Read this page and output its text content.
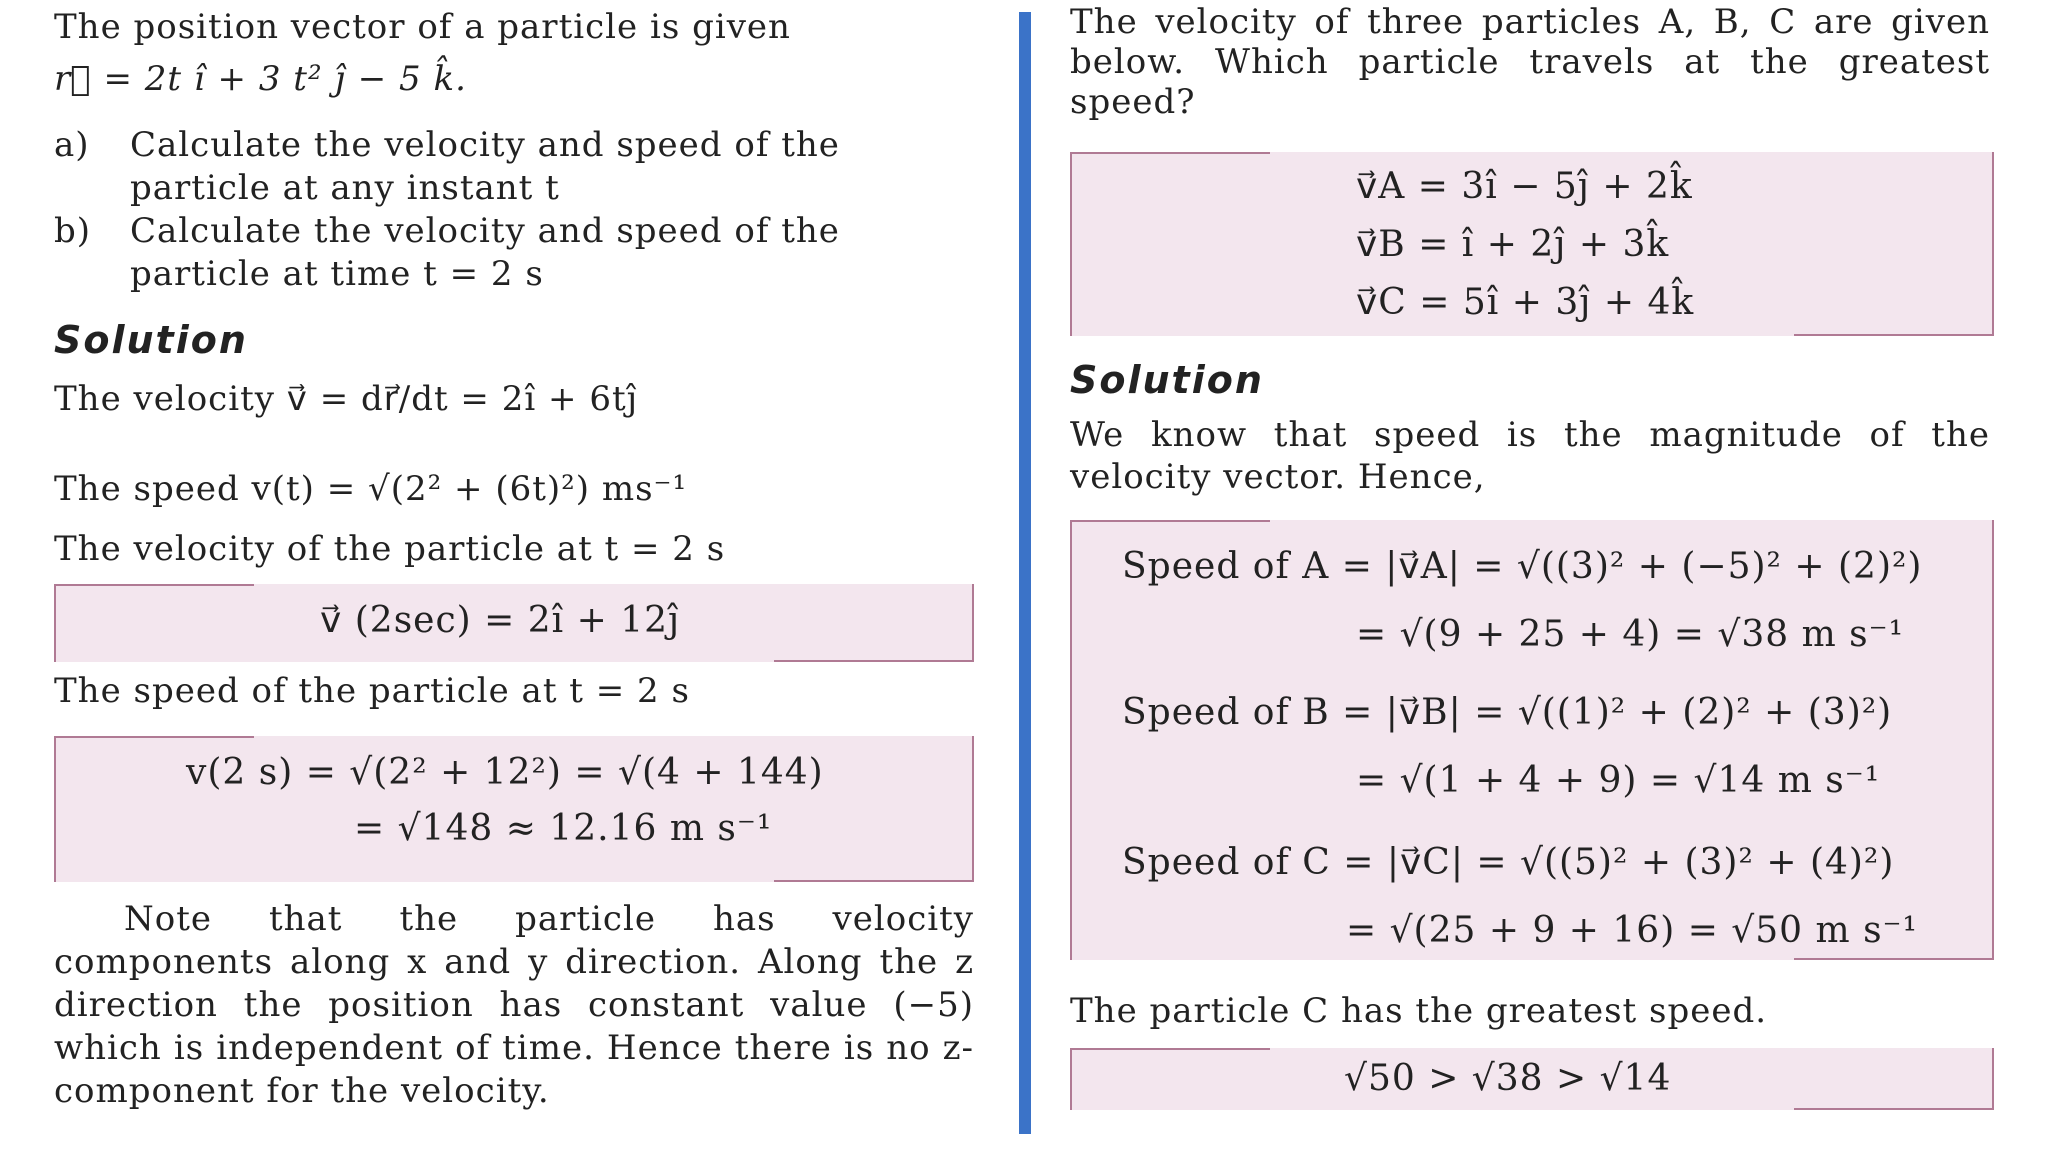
The position vector of a particle is given

r⃗ = 2t î + 3 t² ĵ − 5 k̂.

a)	Calculate the velocity and speed of the particle at any instant t
b)	Calculate the velocity and speed of the particle at time t = 2 s
Solution

The velocity v⃗ = dr⃗/dt = 2î + 6tĵ

The speed v(t) = √(2² + (6t)²) ms⁻¹

The velocity of the particle at t = 2 s

v⃗ (2sec) = 2î + 12ĵ

The speed of the particle at t = 2 s

v(2 s) = √(2² + 12²) = √(4 + 144)
= √148 ≈ 12.16 m s⁻¹

Note that the particle has velocity components along x and y direction. Along the z direction the position has constant value (−5) which is independent of time. Hence there is no z-component for the velocity.

The velocity of three particles A, B, C are given below. Which particle travels at the greatest speed?

v⃗A = 3î − 5ĵ + 2k̂
v⃗B = î + 2ĵ + 3k̂
v⃗C = 5î + 3ĵ + 4k̂
Solution

We know that speed is the magnitude of the velocity vector. Hence,

Speed of A = |v⃗A| = √((3)² + (−5)² + (2)²)
= √(9 + 25 + 4) = √38 m s⁻¹
Speed of B = |v⃗B| = √((1)² + (2)² + (3)²)
= √(1 + 4 + 9) = √14 m s⁻¹
Speed of C = |v⃗C| = √((5)² + (3)² + (4)²)
= √(25 + 9 + 16) = √50 m s⁻¹

The particle C has the greatest speed.

√50 > √38 > √14
